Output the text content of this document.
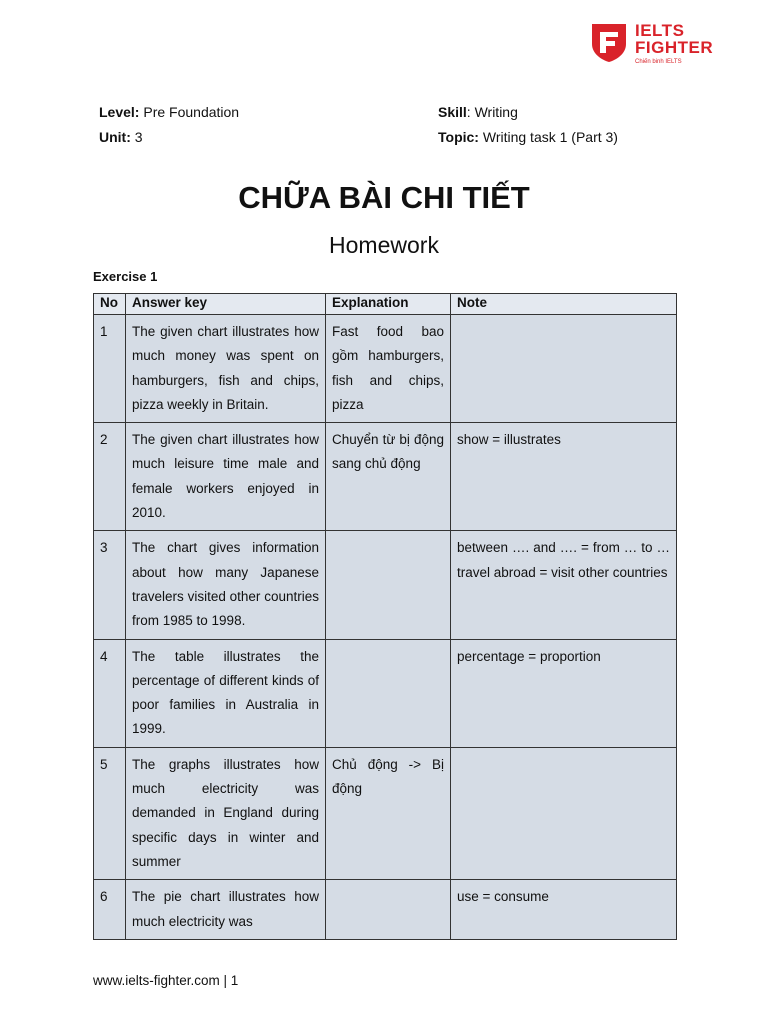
IELTS
FIGHTER
Chiến binh IELTS
Level: Pre Foundation
Unit: 3
Skill: Writing
Topic: Writing task 1 (Part 3)
CHỮA BÀI CHI TIẾT
Homework
Exercise 1
No	Answer key	Explanation	Note
1	The given chart illustrates how much money was spent on hamburgers, fish and chips, pizza weekly in Britain.	Fast food bao gồm hamburgers, fish and chips, pizza	
2	The given chart illustrates how much leisure time male and female workers enjoyed in 2010.	Chuyển từ bị động sang chủ động	show = illustrates
3	The chart gives information about how many Japanese travelers visited other countries from 1985 to 1998.		between …. and …. = from … to … travel abroad = visit other countries
4	The table illustrates the percentage of different kinds of poor families in Australia in 1999.		percentage = proportion
5	The graphs illustrates how much electricity was demanded in England during specific days in winter and summer	Chủ động -> Bị động	
6	The pie chart illustrates how much electricity was		use = consume
www.ielts-fighter.com | 1
